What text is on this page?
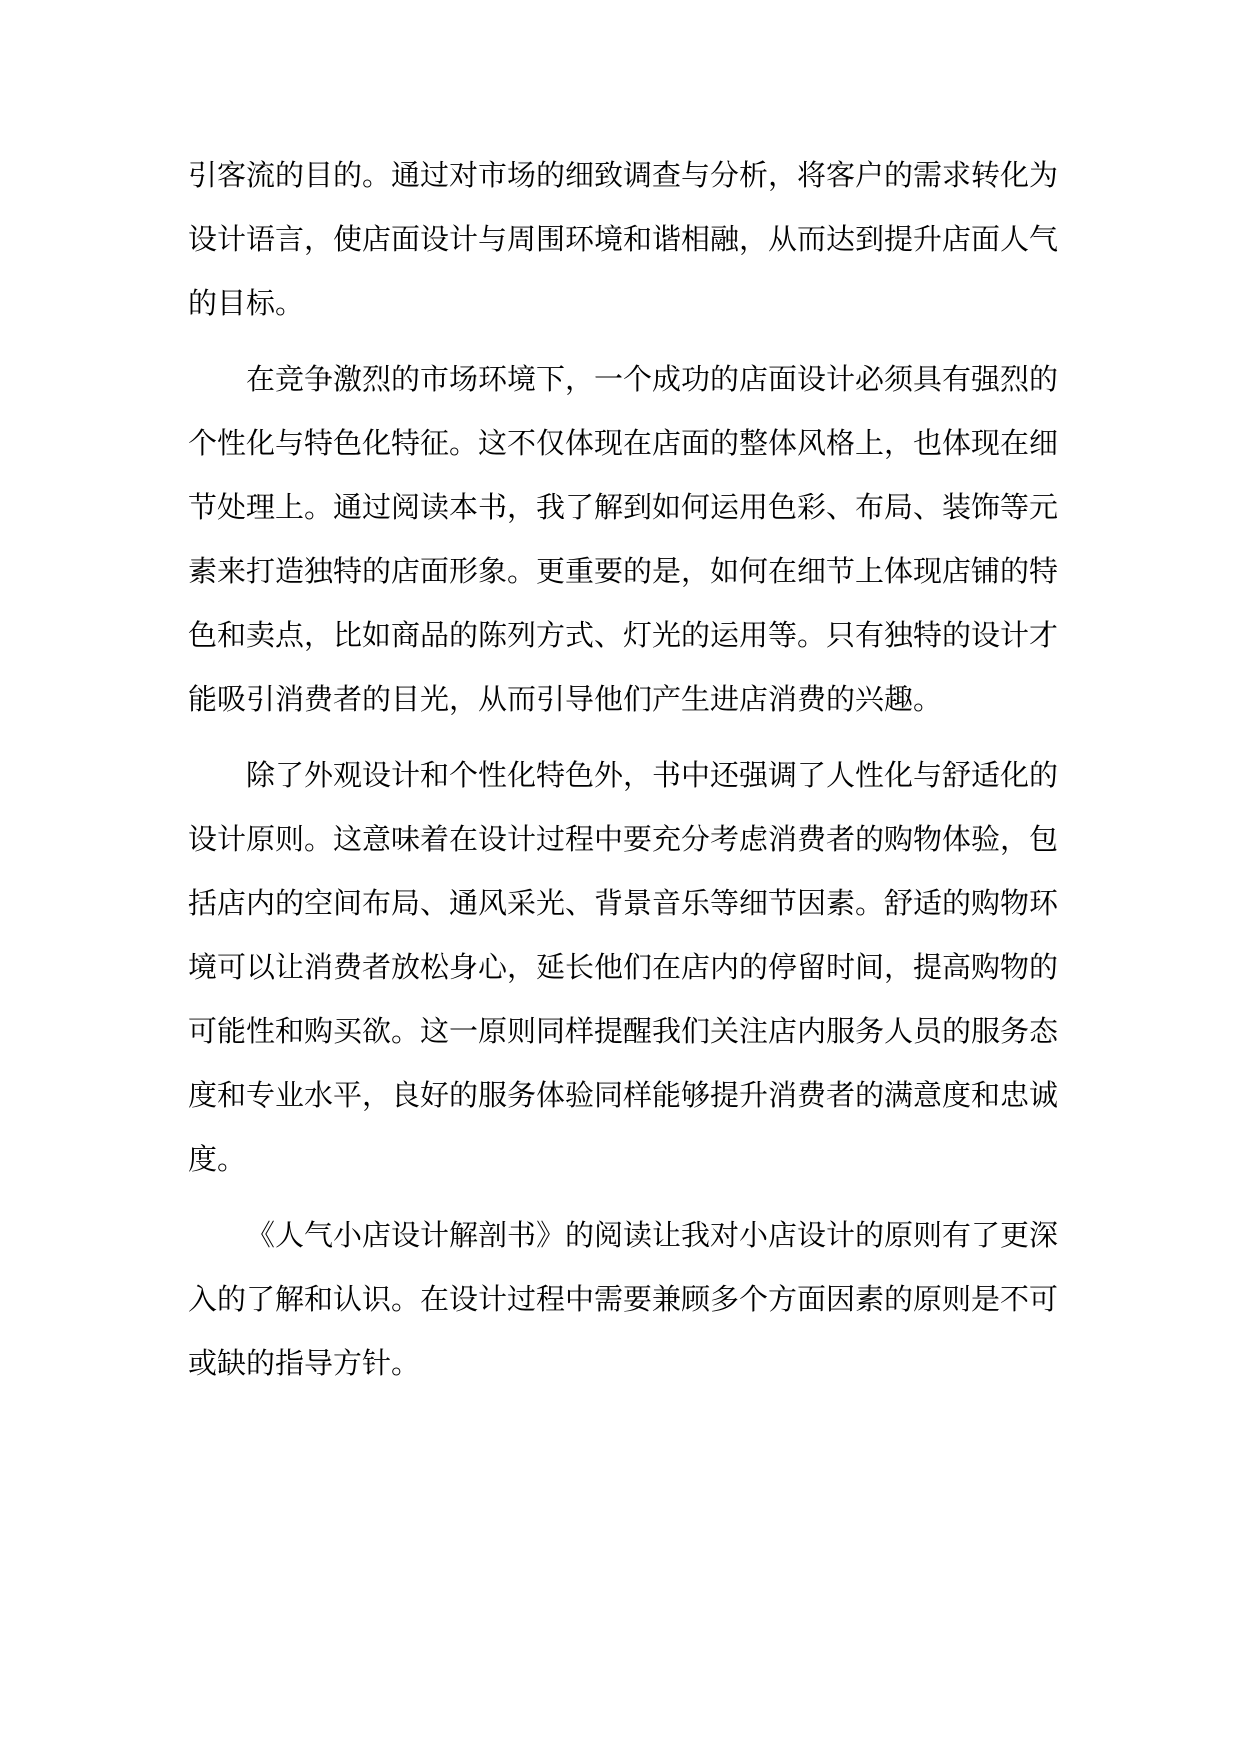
引客流的目的。通过对市场的细致调查与分析，将客户的需求转化为
设计语言，使店面设计与周围环境和谐相融，从而达到提升店面人气
的目标。
在竞争激烈的市场环境下，一个成功的店面设计必须具有强烈的
个性化与特色化特征。这不仅体现在店面的整体风格上，也体现在细
节处理上。通过阅读本书，我了解到如何运用色彩、布局、装饰等元
素来打造独特的店面形象。更重要的是，如何在细节上体现店铺的特
色和卖点，比如商品的陈列方式、灯光的运用等。只有独特的设计才
能吸引消费者的目光，从而引导他们产生进店消费的兴趣。
除了外观设计和个性化特色外，书中还强调了人性化与舒适化的
设计原则。这意味着在设计过程中要充分考虑消费者的购物体验，包
括店内的空间布局、通风采光、背景音乐等细节因素。舒适的购物环
境可以让消费者放松身心，延长他们在店内的停留时间，提高购物的
可能性和购买欲。这一原则同样提醒我们关注店内服务人员的服务态
度和专业水平，良好的服务体验同样能够提升消费者的满意度和忠诚
度。
《人气小店设计解剖书》的阅读让我对小店设计的原则有了更深
入的了解和认识。在设计过程中需要兼顾多个方面因素的原则是不可
或缺的指导方针。
